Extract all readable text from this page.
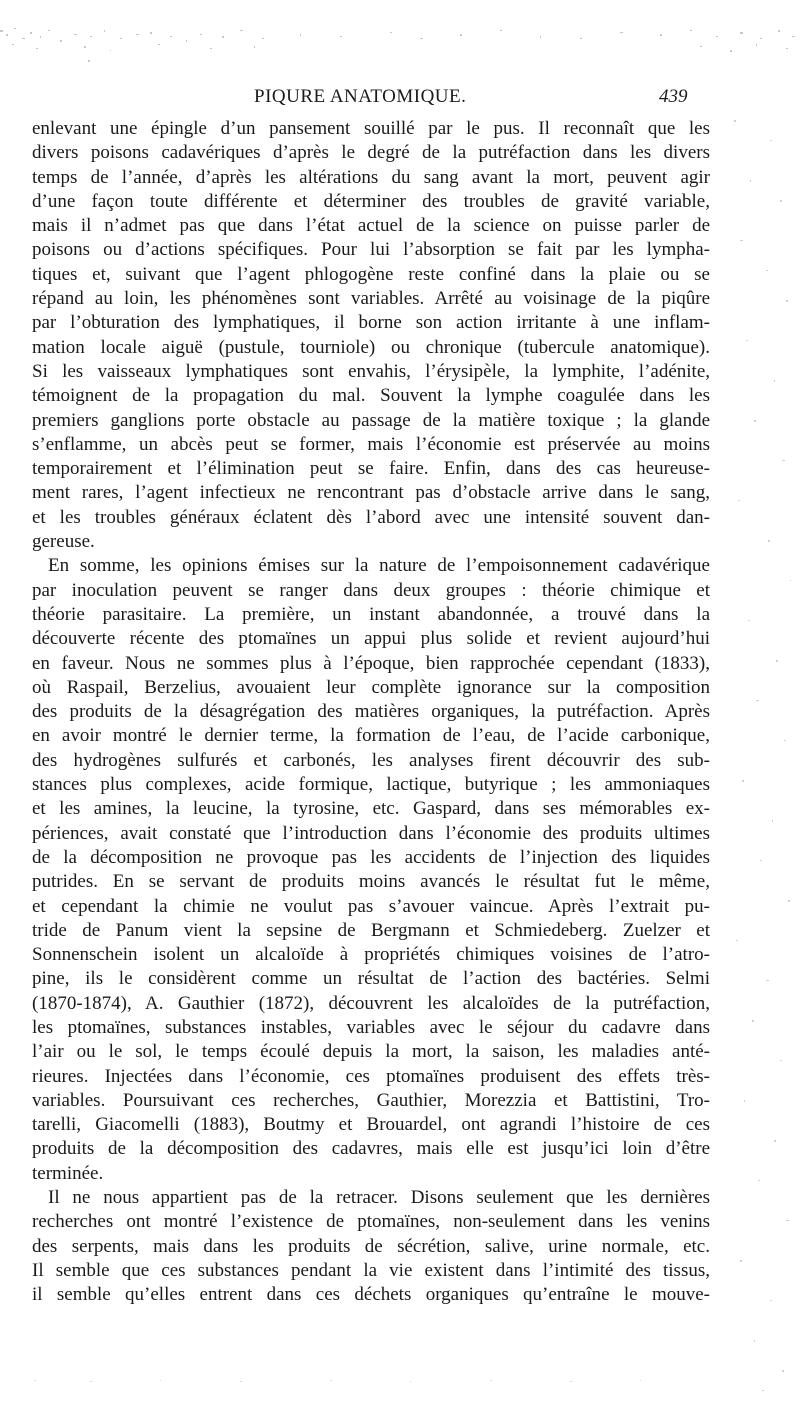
PIQURE ANATOMIQUE.	439
enlevant une épingle d’un pansement souillé par le pus. Il reconnaît que les
divers poisons cadavériques d’après le degré de la putréfaction dans les divers
temps de l’année, d’après les altérations du sang avant la mort, peuvent agir
d’une façon toute différente et déterminer des troubles de gravité variable,
mais il n’admet pas que dans l’état actuel de la science on puisse parler de
poisons ou d’actions spécifiques. Pour lui l’absorption se fait par les lympha-
tiques et, suivant que l’agent phlogogène reste confiné dans la plaie ou se
répand au loin, les phénomènes sont variables. Arrêté au voisinage de la piqûre
par l’obturation des lymphatiques, il borne son action irritante à une inflam-
mation locale aiguë (pustule, tourniole) ou chronique (tubercule anatomique).
Si les vaisseaux lymphatiques sont envahis, l’érysipèle, la lymphite, l’adénite,
témoignent de la propagation du mal. Souvent la lymphe coagulée dans les
premiers ganglions porte obstacle au passage de la matière toxique ; la glande
s’enflamme, un abcès peut se former, mais l’économie est préservée au moins
temporairement et l’élimination peut se faire. Enfin, dans des cas heureuse-
ment rares, l’agent infectieux ne rencontrant pas d’obstacle arrive dans le sang,
et les troubles généraux éclatent dès l’abord avec une intensité souvent dan-
gereuse.
En somme, les opinions émises sur la nature de l’empoisonnement cadavérique
par inoculation peuvent se ranger dans deux groupes : théorie chimique et
théorie parasitaire. La première, un instant abandonnée, a trouvé dans la
découverte récente des ptomaïnes un appui plus solide et revient aujourd’hui
en faveur. Nous ne sommes plus à l’époque, bien rapprochée cependant (1833),
où Raspail, Berzelius, avouaient leur complète ignorance sur la composition
des produits de la désagrégation des matières organiques, la putréfaction. Après
en avoir montré le dernier terme, la formation de l’eau, de l’acide carbonique,
des hydrogènes sulfurés et carbonés, les analyses firent découvrir des sub-
stances plus complexes, acide formique, lactique, butyrique ; les ammoniaques
et les amines, la leucine, la tyrosine, etc. Gaspard, dans ses mémorables ex-
périences, avait constaté que l’introduction dans l’économie des produits ultimes
de la décomposition ne provoque pas les accidents de l’injection des liquides
putrides. En se servant de produits moins avancés le résultat fut le même,
et cependant la chimie ne voulut pas s’avouer vaincue. Après l’extrait pu-
tride de Panum vient la sepsine de Bergmann et Schmiedeberg. Zuelzer et
Sonnenschein isolent un alcaloïde à propriétés chimiques voisines de l’atro-
pine, ils le considèrent comme un résultat de l’action des bactéries. Selmi
(1870-1874), A. Gauthier (1872), découvrent les alcaloïdes de la putréfaction,
les ptomaïnes, substances instables, variables avec le séjour du cadavre dans
l’air ou le sol, le temps écoulé depuis la mort, la saison, les maladies anté-
rieures. Injectées dans l’économie, ces ptomaïnes produisent des effets très-
variables. Poursuivant ces recherches, Gauthier, Morezzia et Battistini, Tro-
tarelli, Giacomelli (1883), Boutmy et Brouardel, ont agrandi l’histoire de ces
produits de la décomposition des cadavres, mais elle est jusqu’ici loin d’être
terminée.
Il ne nous appartient pas de la retracer. Disons seulement que les dernières
recherches ont montré l’existence de ptomaïnes, non-seulement dans les venins
des serpents, mais dans les produits de sécrétion, salive, urine normale, etc.
Il semble que ces substances pendant la vie existent dans l’intimité des tissus,
il semble qu’elles entrent dans ces déchets organiques qu’entraîne le mouve-
